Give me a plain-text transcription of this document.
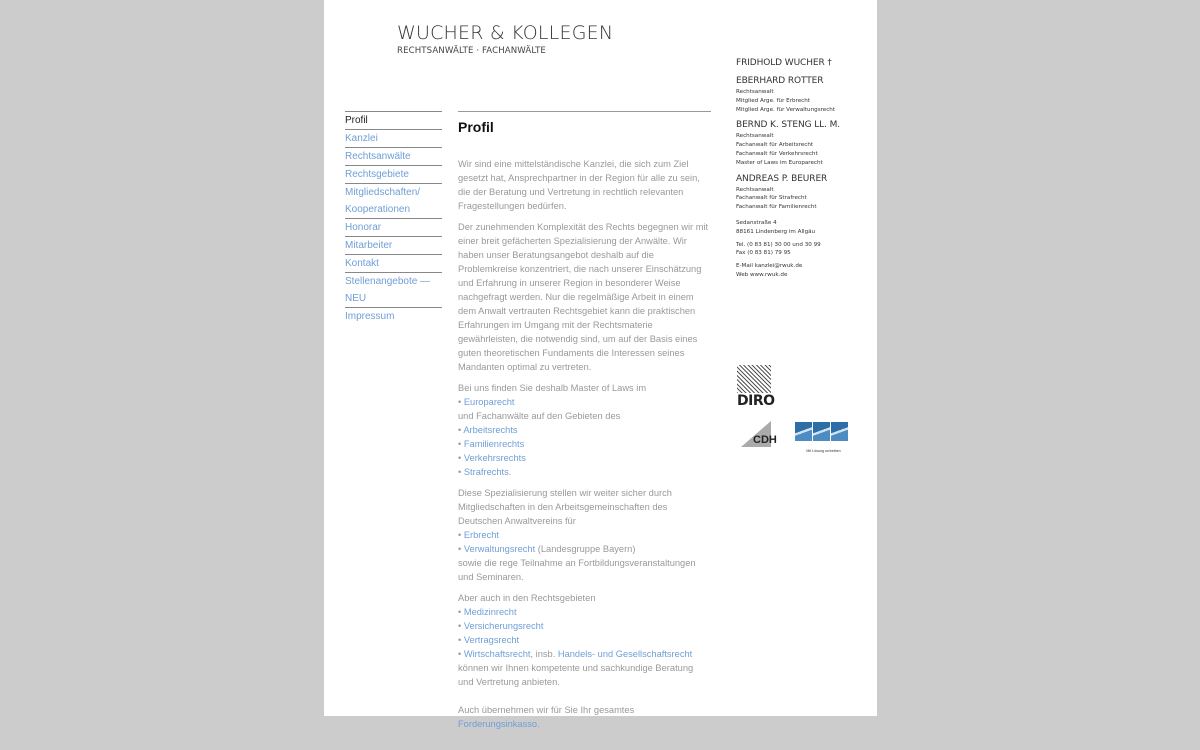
WUCHER & KOLLEGEN
RECHTSANWÄLTE · FACHANWÄLTE
Profil
Kanzlei
Rechtsanwälte
Rechtsgebiete
Mitgliedschaften/
Kooperationen
Honorar
Mitarbeiter
Kontakt
Stellenangebote — NEU
Impressum
Profil

Wir sind eine mittelständische Kanzlei, die sich zum Ziel gesetzt hat, Ansprechpartner in der Region für alle zu sein, die der Beratung und Vertretung in rechtlich relevanten Fragestellungen bedürfen.

Der zunehmenden Komplexität des Rechts begegnen wir mit einer breit gefächerten Spezialisierung der Anwälte. Wir haben unser Beratungsangebot deshalb auf die Problemkreise konzentriert, die nach unserer Einschätzung und Erfahrung in unserer Region in besonderer Weise nachgefragt werden. Nur die regelmäßige Arbeit in einem dem Anwalt vertrauten Rechtsgebiet kann die praktischen Erfahrungen im Umgang mit der Rechtsmaterie gewährleisten, die notwendig sind, um auf der Basis eines guten theoretischen Fundaments die Interessen seines Mandanten optimal zu vertreten.

Bei uns finden Sie deshalb Master of Laws im
• Europarecht
und Fachanwälte auf den Gebieten des
• Arbeitsrechts
• Familienrechts
• Verkehrsrechts
• Strafrechts.

Diese Spezialisierung stellen wir weiter sicher durch Mitgliedschaften in den Arbeitsgemeinschaften des Deutschen Anwaltvereins für
• Erbrecht
• Verwaltungsrecht (Landesgruppe Bayern)
sowie die rege Teilnahme an Fortbildungsveranstaltungen und Seminaren.

Aber auch in den Rechtsgebieten
• Medizinrecht
• Versicherungsrecht
• Vertragsrecht
• Wirtschaftsrecht, insb. Handels- und Gesellschaftsrecht
können wir Ihnen kompetente und sachkundige Beratung und Vertretung anbieten.

Auch übernehmen wir für Sie Ihr gesamtes Forderungsinkasso.

FRIDHOLD WUCHER †
EBERHARD ROTTER
Rechtsanwalt
Mitglied Arge. für Erbrecht
Mitglied Arge. für Verwaltungsrecht
BERND K. STENG LL. M.
Rechtsanwalt
Fachanwalt für Arbeitsrecht
Fachanwalt für Verkehrsrecht
Master of Laws im Europarecht
ANDREAS P. BEURER
Rechtsanwalt
Fachanwalt für Strafrecht
Fachanwalt für Familienrecht
Sedanstraße 4
88161 Lindenberg im Allgäu
Tel. (0 83 81) 30 00 und 30 99
Fax (0 83 81) 79 95
E-Mail kanzlei@rwuk.de
Web www.rwuk.de
DIRO
CDH
Mit Lösung schreiben
